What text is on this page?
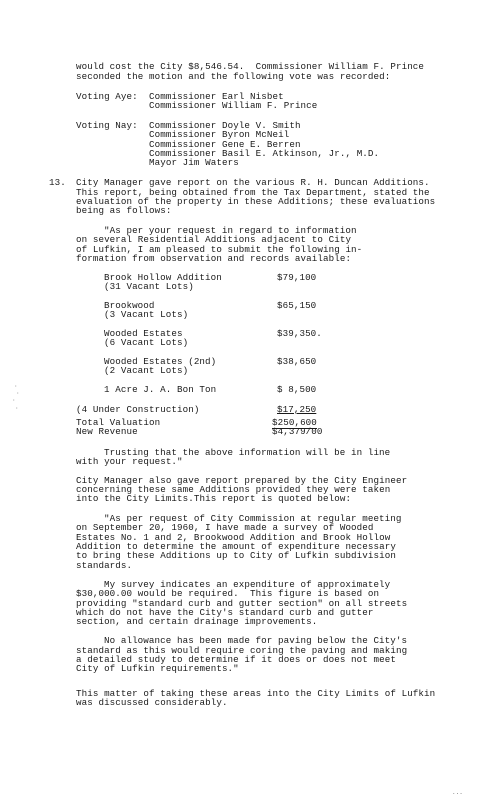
would cost the City $8,546.54.  Commissioner William F. Prince
seconded the motion and the following vote was recorded:
Voting Aye: Commissioner Earl Nisbet
Commissioner William F. Prince
Voting Nay: Commissioner Doyle V. Smith
Commissioner Byron McNeil
Commissioner Gene E. Berren
Commissioner Basil E. Atkinson, Jr., M.D.
Mayor Jim Waters
13. City Manager gave report on the various R. H. Duncan Additions.
This report, being obtained from the Tax Department, stated the
evaluation of the property in these Additions; these evaluations
being as follows:
"As per your request in regard to information
on several Residential Additions adjacent to City
of Lufkin, I am pleased to submit the following in-
formation from observation and records available:
Brook Hollow Addition	$79,100
(31 Vacant Lots)
Brookwood	$65,150
(3 Vacant Lots)
Wooded Estates	$39,350.
(6 Vacant Lots)
Wooded Estates (2nd)	$38,650
(2 Vacant Lots)
1 Acre J. A. Bon Ton	$ 8,500
(4 Under Construction)	$17,250
Total Valuation	$250,600
New Revenue	$4,379/00
Trusting that the above information will be in line
with your request."
City Manager also gave report prepared by the City Engineer
concerning these same Additions provided they were taken
into the City Limits.This report is quoted below:
"As per request of City Commission at regular meeting
on September 20, 1960, I have made a survey of Wooded
Estates No. 1 and 2, Brookwood Addition and Brook Hollow
Addition to determine the amount of expenditure necessary
to bring these Additions up to City of Lufkin subdivision
standards.
My survey indicates an expenditure of approximately
$30,000.00 would be required.  This figure is based on
providing "standard curb and gutter section" on all streets
which do not have the City's standard curb and gutter
section, and certain drainage improvements.
No allowance has been made for paving below the City's
standard as this would require coring the paving and making
a detailed study to determine if it does or does not meet
City of Lufkin requirements."
This matter of taking these areas into the City Limits of Lufkin
was discussed considerably.
·
·
·
·
...
